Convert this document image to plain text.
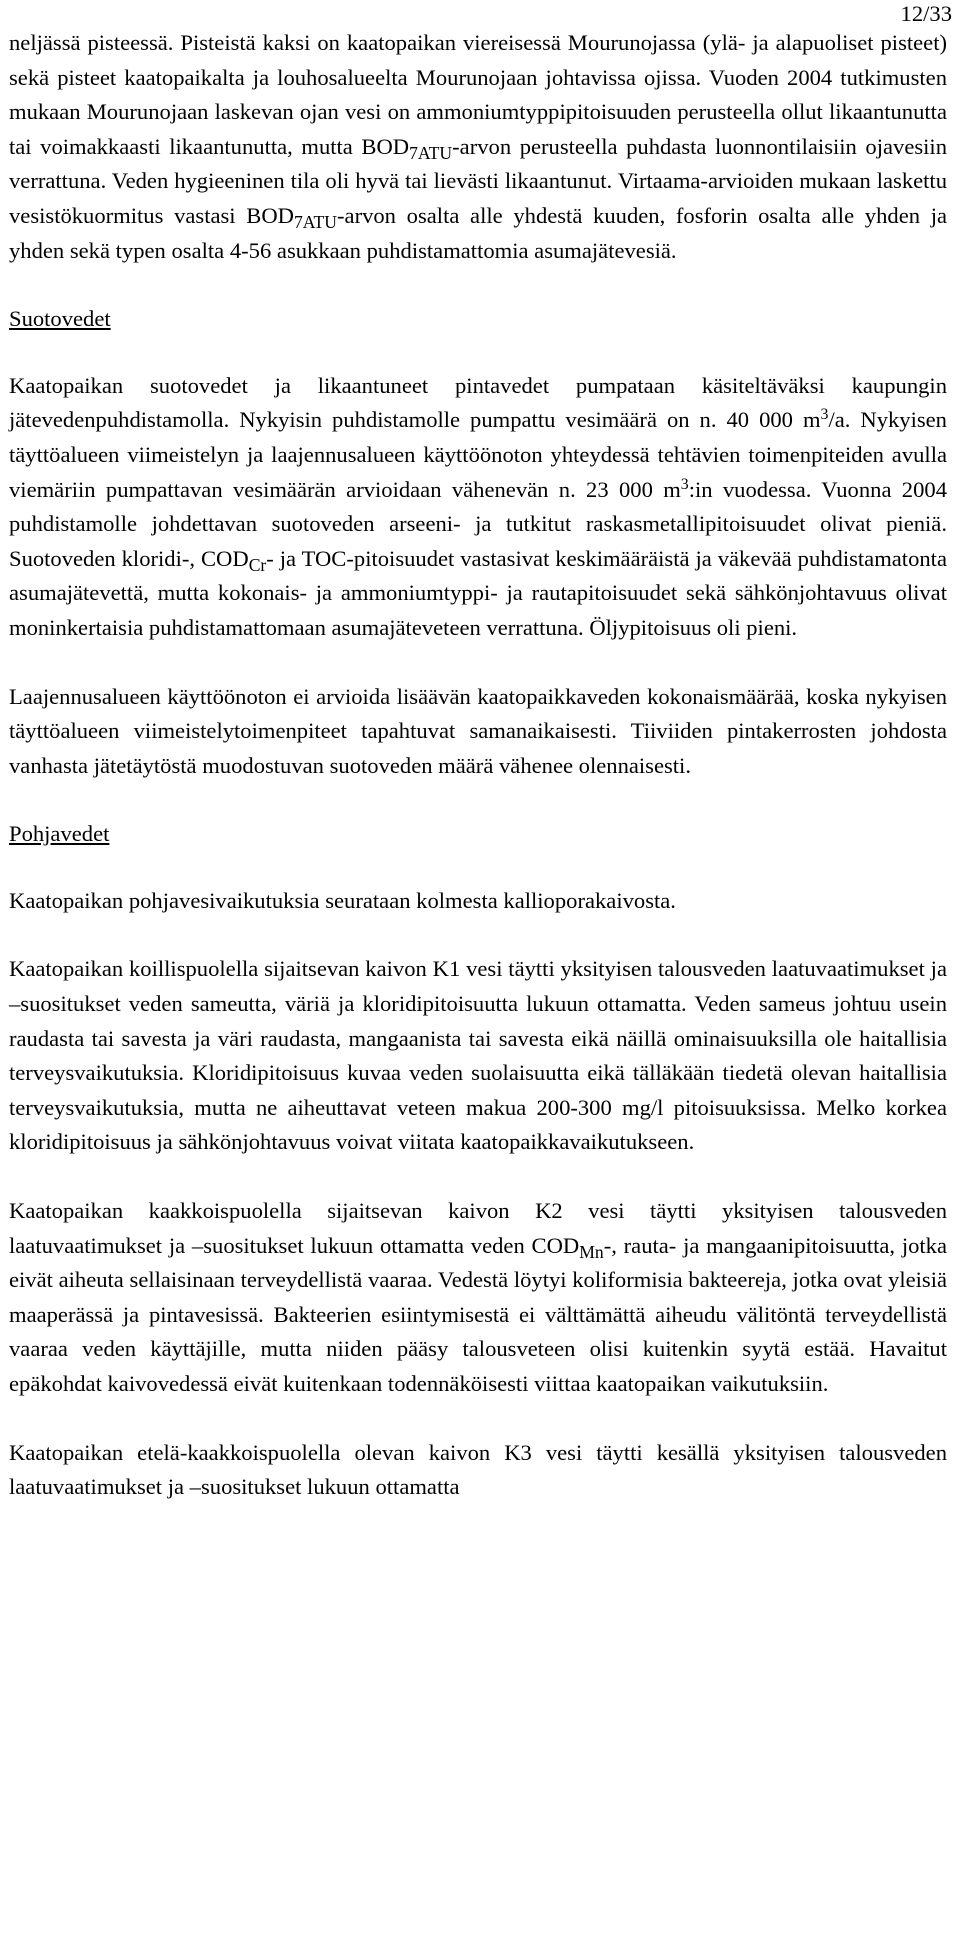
12/33

neljässä pisteessä. Pisteistä kaksi on kaatopaikan viereisessä Mourunojassa (ylä- ja alapuoliset pisteet) sekä pisteet kaatopaikalta ja louhosalueelta Mourunojaan johtavissa ojissa. Vuoden 2004 tutkimusten mukaan Mourunojaan laskevan ojan vesi on ammoniumtyppipitoisuuden perusteella ollut likaantunutta tai voimakkaasti likaantunutta, mutta $BOD_{7ATU}$-arvon perusteella puhdasta luonnontilaisiin ojavesiin verrattuna. Veden hygieeninen tila oli hyvä tai lievästi likaantunut. Virtaama-arvioiden mukaan laskettu vesistökuormitus vastasi $BOD_{7ATU}$-arvon osalta alle yhdestä kuuden, fosforin osalta alle yhden ja yhden sekä typen osalta 4-56 asukkaan puhdistamattomia asumajätevesiä.

Suotovedet

Kaatopaikan suotovedet ja likaantuneet pintavedet pumpataan käsiteltäväksi kaupungin jätevedenpuhdistamolla. Nykyisin puhdistamolle pumpattu vesimäärä on n. 40 000 $m^3/a$. Nykyisen täyttöalueen viimeistelyn ja laajennusalueen käyttöönoton yhteydessä tehtävien toimenpiteiden avulla viemäriin pumpattavan vesimäärän arvioidaan vähenevän n. 23 000 $m^3:in$ vuodessa. Vuonna 2004 puhdistamolle johdettavan suotoveden arseeni- ja tutkitut raskasmetallipitoisuudet olivat pieniä. Suotoveden kloridi-, $COD_{Cr}-$ ja TOC-pitoisuudet vastasivat keskimääräistä ja väkevää puhdistamatonta asumajätevettä, mutta kokonais- ja ammoniumtyppi- ja rautapitoisuudet sekä sähkönjohtavuus olivat moninkertaisia puhdistamattomaan asumajäteveteen verrattuna. Öljypitoisuus oli pieni.

Laajennusalueen käyttöönoton ei arvioida lisäävän kaatopaikkaveden kokonaismäärää, koska nykyisen täyttöalueen viimeistelytoimenpiteet tapahtuvat samanaikaisesti. Tiiviiden pintakerrosten johdosta vanhasta jätetäytöstä muodostuvan suotoveden määrä vähenee olennaisesti.

Pohjavedet

Kaatopaikan pohjavesivaikutuksia seurataan kolmesta kallioporakaivosta.

Kaatopaikan koillispuolella sijaitsevan kaivon K1 vesi täytti yksityisen talousveden laatuvaatimukset ja –suositukset veden sameutta, väriä ja kloridipitoisuutta lukuun ottamatta. Veden sameus johtuu usein raudasta tai savesta ja väri raudasta, mangaanista tai savesta eikä näillä ominaisuuksilla ole haitallisia terveysvaikutuksia. Kloridipitoisuus kuvaa veden suolaisuutta eikä tälläkään tiedetä olevan haitallisia terveysvaikutuksia, mutta ne aiheuttavat veteen makua 200-300 mg/l pitoisuuksissa. Melko korkea kloridipitoisuus ja sähkönjohtavuus voivat viitata kaatopaikkavaikutukseen.

Kaatopaikan kaakkoispuolella sijaitsevan kaivon K2 vesi täytti yksityisen talousveden laatuvaatimukset ja –suositukset lukuun ottamatta veden $COD_{Mn}-$, rauta- ja mangaanipitoisuutta, jotka eivät aiheuta sellaisinaan terveydellistä vaaraa. Vedestä löytyi koliformisia bakteereja, jotka ovat yleisiä maaperässä ja pintavesissä. Bakteerien esiintymisestä ei välttämättä aiheudu välitöntä terveydellistä vaaraa veden käyttäjille, mutta niiden pääsy talousveteen olisi kuitenkin syytä estää. Havaitut epäkohdat kaivovedessä eivät kuitenkaan todennäköisesti viittaa kaatopaikan vaikutuksiin.

Kaatopaikan etelä-kaakkoispuolella olevan kaivon K3 vesi täytti kesällä yksityisen talousveden laatuvaatimukset ja –suositukset lukuun ottamatta
